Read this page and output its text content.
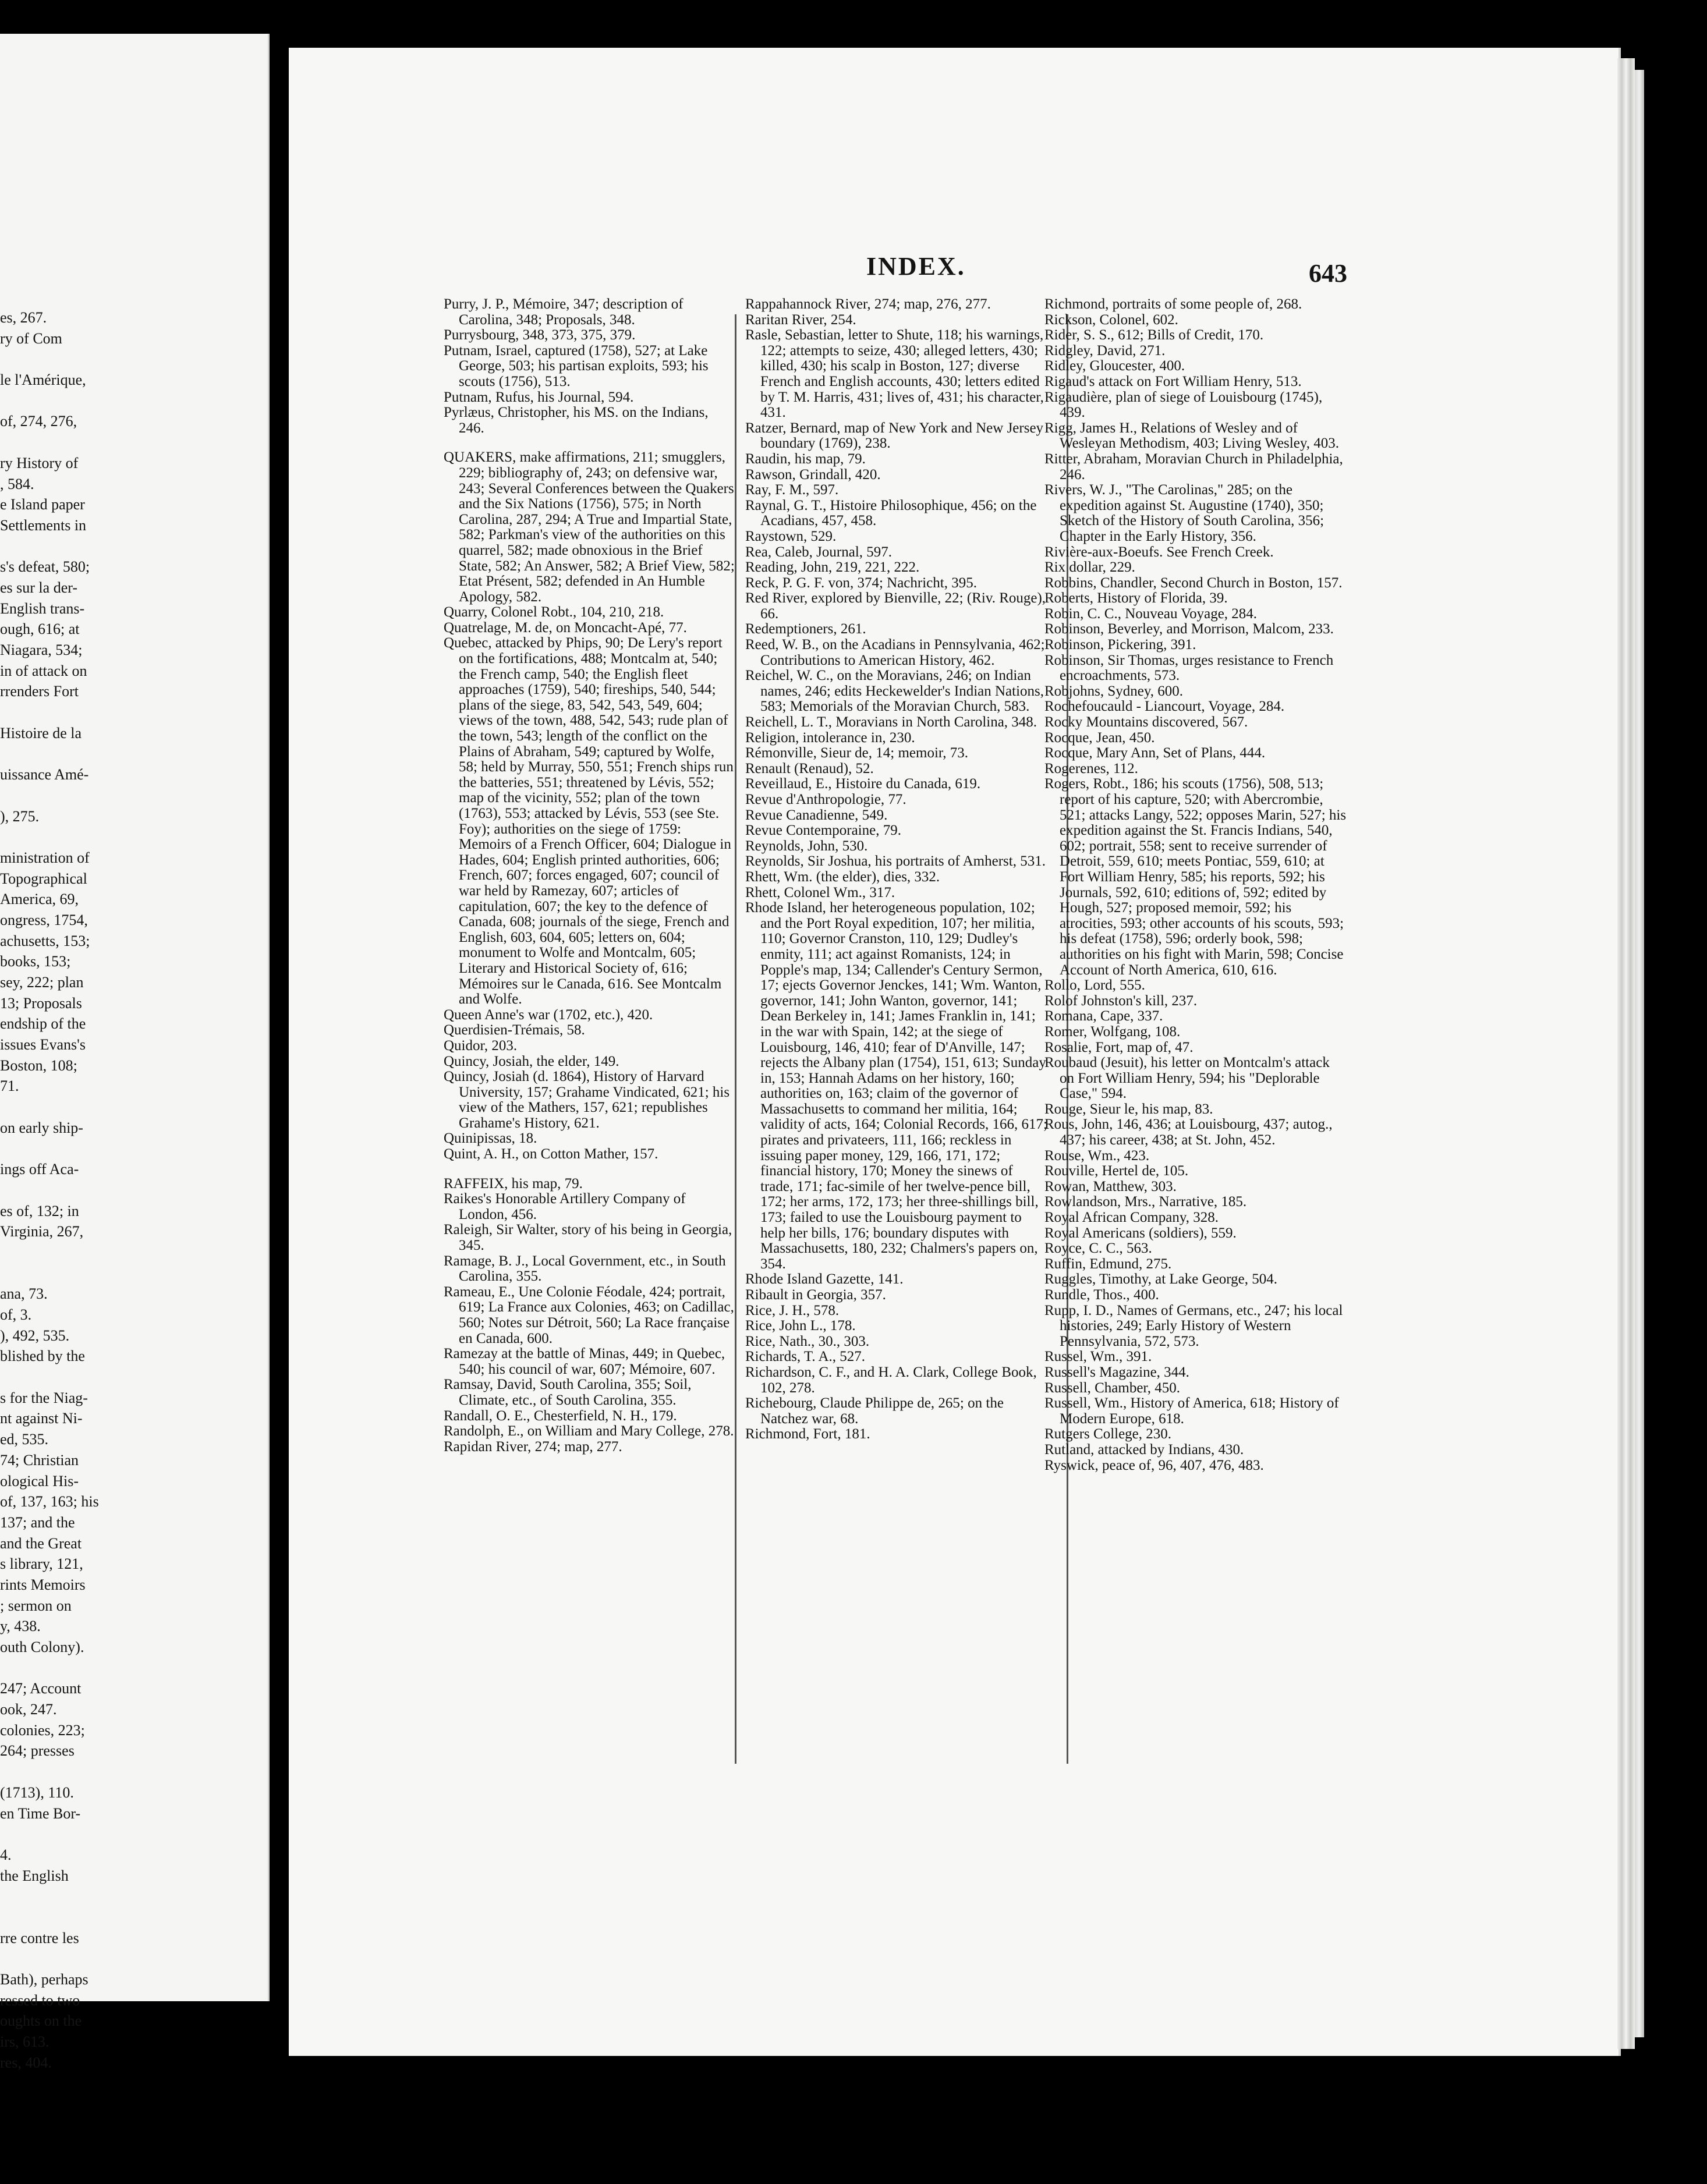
es, 267.
ry of Com
le l'Amérique,
of, 274, 276,
ry History of
, 584.
e Island paper
Settlements in
s's defeat, 580;
es sur la der-
English trans-
ough, 616; at
Niagara, 534;
in of attack on
rrenders Fort
Histoire de la
uissance Amé-
), 275.
ministration of
Topographical
America, 69,
ongress, 1754,
achusetts, 153;
books, 153;
sey, 222; plan
13; Proposals
endship of the
issues Evans's
Boston, 108;
71.
on early ship-
ings off Aca-
es of, 132; in
Virginia, 267,
ana, 73.
of, 3.
), 492, 535.
blished by the
s for the Niag-
nt against Ni-
ed, 535.
74; Christian
ological His-
of, 137, 163; his
137; and the
and the Great
s library, 121,
rints Memoirs
; sermon on
y, 438.
outh Colony).
247; Account
ook, 247.
colonies, 223;
264; presses
(1713), 110.
en Time Bor-
4.
the English
rre contre les
Bath), perhaps
ressed to two
oughts on the
irs, 613.
res, 404.
INDEX.	643
Purry, J. P., Mémoire, 347; description of Carolina, 348; Proposals, 348.
Purrysbourg, 348, 373, 375, 379.
Putnam, Israel, captured (1758), 527; at Lake George, 503; his partisan exploits, 593; his scouts (1756), 513.
Putnam, Rufus, his Journal, 594.
Pyrlæus, Christopher, his MS. on the Indians, 246.
QUAKERS, make affirmations, 211; smugglers, 229; bibliography of, 243; on defensive war, 243; Several Conferences between the Quakers and the Six Nations (1756), 575; in North Carolina, 287, 294; A True and Impartial State, 582; Parkman's view of the authorities on this quarrel, 582; made obnoxious in the Brief State, 582; An Answer, 582; A Brief View, 582; Etat Présent, 582; defended in An Humble Apology, 582.
Quarry, Colonel Robt., 104, 210, 218.
Quatrelage, M. de, on Moncacht-Apé, 77.
Quebec, attacked by Phips, 90; De Lery's report on the fortifications, 488; Montcalm at, 540; the French camp, 540; the English fleet approaches (1759), 540; fireships, 540, 544; plans of the siege, 83, 542, 543, 549, 604; views of the town, 488, 542, 543; rude plan of the town, 543; length of the conflict on the Plains of Abraham, 549; captured by Wolfe, 58; held by Murray, 550, 551; French ships run the batteries, 551; threatened by Lévis, 552; map of the vicinity, 552; plan of the town (1763), 553; attacked by Lévis, 553 (see Ste. Foy); authorities on the siege of 1759: Memoirs of a French Officer, 604; Dialogue in Hades, 604; English printed authorities, 606; French, 607; forces engaged, 607; council of war held by Ramezay, 607; articles of capitulation, 607; the key to the defence of Canada, 608; journals of the siege, French and English, 603, 604, 605; letters on, 604; monument to Wolfe and Montcalm, 605; Literary and Historical Society of, 616; Mémoires sur le Canada, 616. See Montcalm and Wolfe.
Queen Anne's war (1702, etc.), 420.
Querdisien-Trémais, 58.
Quidor, 203.
Quincy, Josiah, the elder, 149.
Quincy, Josiah (d. 1864), History of Harvard University, 157; Grahame Vindicated, 621; his view of the Mathers, 157, 621; republishes Grahame's History, 621.
Quinipissas, 18.
Quint, A. H., on Cotton Mather, 157.
RAFFEIX, his map, 79.
Raikes's Honorable Artillery Company of London, 456.
Raleigh, Sir Walter, story of his being in Georgia, 345.
Ramage, B. J., Local Government, etc., in South Carolina, 355.
Rameau, E., Une Colonie Féodale, 424; portrait, 619; La France aux Colonies, 463; on Cadillac, 560; Notes sur Détroit, 560; La Race française en Canada, 600.
Ramezay at the battle of Minas, 449; in Quebec, 540; his council of war, 607; Mémoire, 607.
Ramsay, David, South Carolina, 355; Soil, Climate, etc., of South Carolina, 355.
Randall, O. E., Chesterfield, N. H., 179.
Randolph, E., on William and Mary College, 278.
Rapidan River, 274; map, 277.
Rappahannock River, 274; map, 276, 277.
Raritan River, 254.
Rasle, Sebastian, letter to Shute, 118; his warnings, 122; attempts to seize, 430; alleged letters, 430; killed, 430; his scalp in Boston, 127; diverse French and English accounts, 430; letters edited by T. M. Harris, 431; lives of, 431; his character, 431.
Ratzer, Bernard, map of New York and New Jersey boundary (1769), 238.
Raudin, his map, 79.
Rawson, Grindall, 420.
Ray, F. M., 597.
Raynal, G. T., Histoire Philosophique, 456; on the Acadians, 457, 458.
Raystown, 529.
Rea, Caleb, Journal, 597.
Reading, John, 219, 221, 222.
Reck, P. G. F. von, 374; Nachricht, 395.
Red River, explored by Bienville, 22; (Riv. Rouge), 66.
Redemptioners, 261.
Reed, W. B., on the Acadians in Pennsylvania, 462; Contributions to American History, 462.
Reichel, W. C., on the Moravians, 246; on Indian names, 246; edits Heckewelder's Indian Nations, 583; Memorials of the Moravian Church, 583.
Reichell, L. T., Moravians in North Carolina, 348.
Religion, intolerance in, 230.
Rémonville, Sieur de, 14; memoir, 73.
Renault (Renaud), 52.
Reveillaud, E., Histoire du Canada, 619.
Revue d'Anthropologie, 77.
Revue Canadienne, 549.
Revue Contemporaine, 79.
Reynolds, John, 530.
Reynolds, Sir Joshua, his portraits of Amherst, 531.
Rhett, Wm. (the elder), dies, 332.
Rhett, Colonel Wm., 317.
Rhode Island, her heterogeneous population, 102; and the Port Royal expedition, 107; her militia, 110; Governor Cranston, 110, 129; Dudley's enmity, 111; act against Romanists, 124; in Popple's map, 134; Callender's Century Sermon, 17; ejects Governor Jenckes, 141; Wm. Wanton, governor, 141; John Wanton, governor, 141; Dean Berkeley in, 141; James Franklin in, 141; in the war with Spain, 142; at the siege of Louisbourg, 146, 410; fear of D'Anville, 147; rejects the Albany plan (1754), 151, 613; Sunday in, 153; Hannah Adams on her history, 160; authorities on, 163; claim of the governor of Massachusetts to command her militia, 164; validity of acts, 164; Colonial Records, 166, 617; pirates and privateers, 111, 166; reckless in issuing paper money, 129, 166, 171, 172; financial history, 170; Money the sinews of trade, 171; fac-simile of her twelve-pence bill, 172; her arms, 172, 173; her three-shillings bill, 173; failed to use the Louisbourg payment to help her bills, 176; boundary disputes with Massachusetts, 180, 232; Chalmers's papers on, 354.
Rhode Island Gazette, 141.
Ribault in Georgia, 357.
Rice, J. H., 578.
Rice, John L., 178.
Rice, Nath., 30., 303.
Richards, T. A., 527.
Richardson, C. F., and H. A. Clark, College Book, 102, 278.
Richebourg, Claude Philippe de, 265; on the Natchez war, 68.
Richmond, Fort, 181.
Richmond, portraits of some people of, 268.
Rickson, Colonel, 602.
Rider, S. S., 612; Bills of Credit, 170.
Ridgley, David, 271.
Ridley, Gloucester, 400.
Rigaud's attack on Fort William Henry, 513.
Rigaudière, plan of siege of Louisbourg (1745), 439.
Rigg, James H., Relations of Wesley and of Wesleyan Methodism, 403; Living Wesley, 403.
Ritter, Abraham, Moravian Church in Philadelphia, 246.
Rivers, W. J., "The Carolinas," 285; on the expedition against St. Augustine (1740), 350; Sketch of the History of South Carolina, 356; Chapter in the Early History, 356.
Rivière-aux-Boeufs. See French Creek.
Rix dollar, 229.
Robbins, Chandler, Second Church in Boston, 157.
Roberts, History of Florida, 39.
Robin, C. C., Nouveau Voyage, 284.
Robinson, Beverley, and Morrison, Malcom, 233.
Robinson, Pickering, 391.
Robinson, Sir Thomas, urges resistance to French encroachments, 573.
Robjohns, Sydney, 600.
Rochefoucauld - Liancourt, Voyage, 284.
Rocky Mountains discovered, 567.
Rocque, Jean, 450.
Rocque, Mary Ann, Set of Plans, 444.
Rogerenes, 112.
Rogers, Robt., 186; his scouts (1756), 508, 513; report of his capture, 520; with Abercrombie, 521; attacks Langy, 522; opposes Marin, 527; his expedition against the St. Francis Indians, 540, 602; portrait, 558; sent to receive surrender of Detroit, 559, 610; meets Pontiac, 559, 610; at Fort William Henry, 585; his reports, 592; his Journals, 592, 610; editions of, 592; edited by Hough, 527; proposed memoir, 592; his atrocities, 593; other accounts of his scouts, 593; his defeat (1758), 596; orderly book, 598; authorities on his fight with Marin, 598; Concise Account of North America, 610, 616.
Rollo, Lord, 555.
Rolof Johnston's kill, 237.
Romana, Cape, 337.
Romer, Wolfgang, 108.
Rosalie, Fort, map of, 47.
Roubaud (Jesuit), his letter on Montcalm's attack on Fort William Henry, 594; his "Deplorable Case," 594.
Rouge, Sieur le, his map, 83.
Rous, John, 146, 436; at Louisbourg, 437; autog., 437; his career, 438; at St. John, 452.
Rouse, Wm., 423.
Rouville, Hertel de, 105.
Rowan, Matthew, 303.
Rowlandson, Mrs., Narrative, 185.
Royal African Company, 328.
Royal Americans (soldiers), 559.
Royce, C. C., 563.
Ruffin, Edmund, 275.
Ruggles, Timothy, at Lake George, 504.
Rundle, Thos., 400.
Rupp, I. D., Names of Germans, etc., 247; his local histories, 249; Early History of Western Pennsylvania, 572, 573.
Russel, Wm., 391.
Russell's Magazine, 344.
Russell, Chamber, 450.
Russell, Wm., History of America, 618; History of Modern Europe, 618.
Rutgers College, 230.
Rutland, attacked by Indians, 430.
Ryswick, peace of, 96, 407, 476, 483.
